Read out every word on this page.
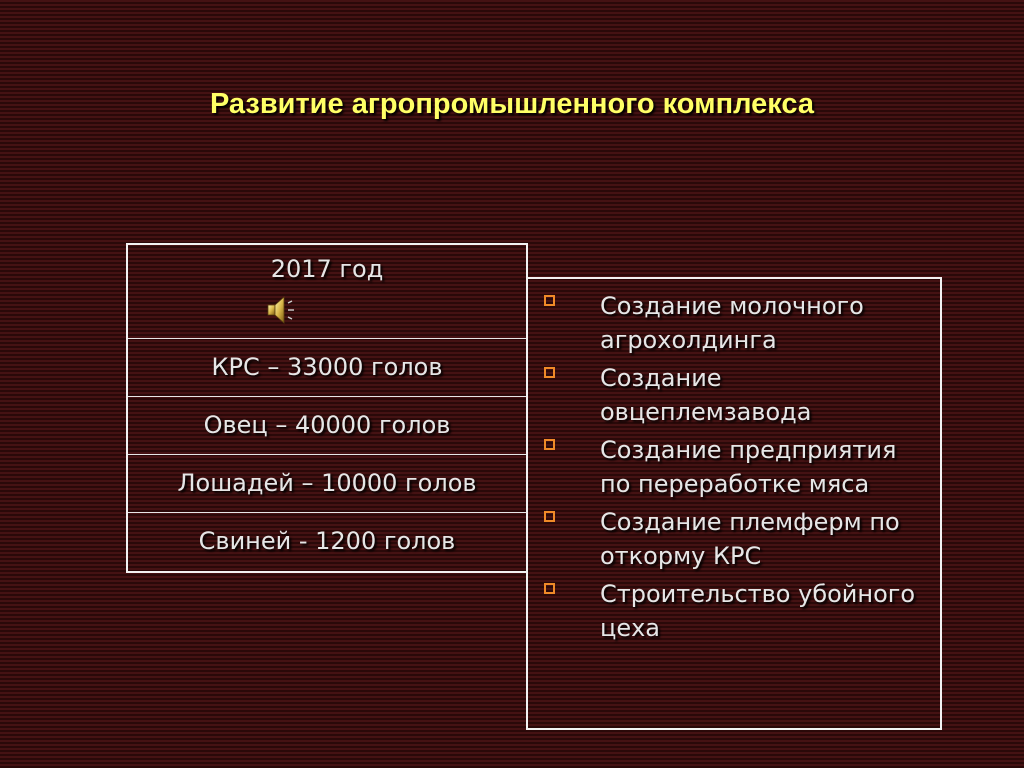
Развитие агропромышленного комплекса
2017 год
КРС – 33000 голов
Овец – 40000 голов
Лошадей – 10000 голов
Свиней - 1200 голов
Создание молочного агрохолдинга
Создание овцеплемзавода
Создание предприятия по переработке мяса
Создание племферм по откорму КРС
Строительство убойного цеха
